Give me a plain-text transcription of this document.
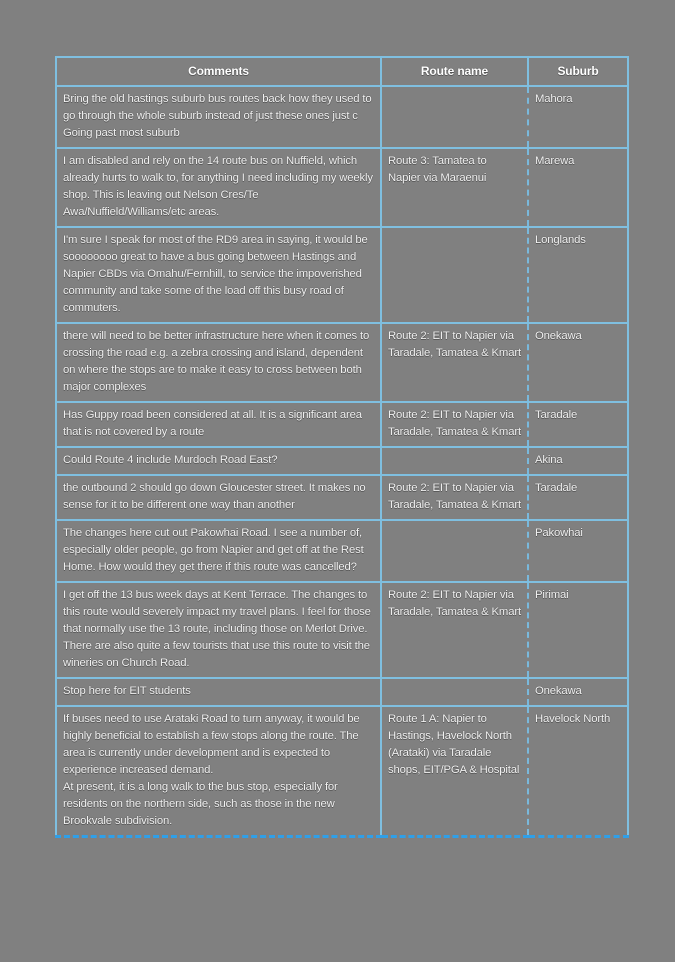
Comments	Route name	Suburb

Bring the old hastings suburb bus routes back how they used to go through the whole suburb instead of just these ones just c
Going past most suburb		Mahora

I am disabled and rely on the 14 route bus on Nuffield, which already hurts to walk to, for anything I need including my weekly shop. This is leaving out Nelson Cres/Te Awa/Nuffield/Williams/etc areas.	Route 3: Tamatea to Napier via Maraenui	Marewa

I'm sure I speak for most of the RD9 area in saying, it would be soooooooo great to have a bus going between Hastings and Napier CBDs via Omahu/Fernhill, to service the impoverished community and take some of the load off this busy road of commuters.		Longlands

there will need to be better infrastructure here when it comes to crossing the road e.g. a zebra crossing and island, dependent on where the stops are to make it easy to cross between both major complexes	Route 2: EIT to Napier via Taradale, Tamatea & Kmart	Onekawa

Has Guppy road been considered at all. It is a significant area that is not covered by a route	Route 2: EIT to Napier via Taradale, Tamatea & Kmart	Taradale

Could Route 4 include Murdoch Road East?		Akina

the outbound 2 should go down Gloucester street. It makes no sense for it to be different one way than another	Route 2: EIT to Napier via Taradale, Tamatea & Kmart	Taradale

The changes here cut out Pakowhai Road. I see a number of, especially older people, go from Napier and get off at the Rest Home. How would they get there if this route was cancelled?		Pakowhai

I get off the 13 bus week days at Kent Terrace. The changes to this route would severely impact my travel plans. I feel for those that normally use the 13 route, including those on Merlot Drive. There are also quite a few tourists that use this route to visit the wineries on Church Road.	Route 2: EIT to Napier via Taradale, Tamatea & Kmart	Pirimai

Stop here for EIT students		Onekawa

If buses need to use Arataki Road to turn anyway, it would be highly beneficial to establish a few stops along the route. The area is currently under development and is expected to experience increased demand.
At present, it is a long walk to the bus stop, especially for residents on the northern side, such as those in the new Brookvale subdivision.	Route 1 A: Napier to Hastings, Havelock North (Arataki) via Taradale shops, EIT/PGA & Hospital	Havelock North
